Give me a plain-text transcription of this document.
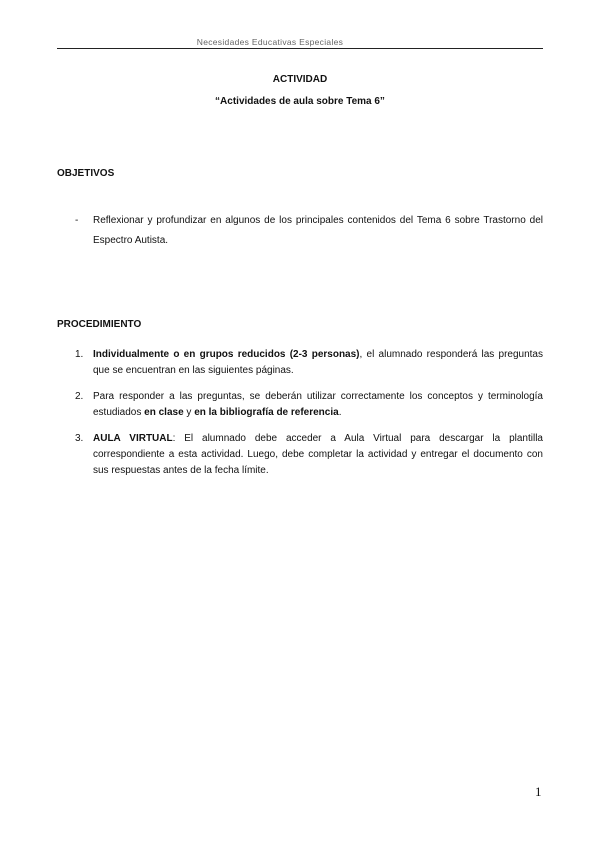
Necesidades Educativas Especiales
ACTIVIDAD
“Actividades de aula sobre Tema 6”
OBJETIVOS
- Reflexionar y profundizar en algunos de los principales contenidos del Tema 6 sobre Trastorno del Espectro Autista.
PROCEDIMIENTO
1. Individualmente o en grupos reducidos (2-3 personas), el alumnado responderá las preguntas que se encuentran en las siguientes páginas.
2. Para responder a las preguntas, se deberán utilizar correctamente los conceptos y terminología estudiados en clase y en la bibliografía de referencia.
3. AULA VIRTUAL: El alumnado debe acceder a Aula Virtual para descargar la plantilla correspondiente a esta actividad. Luego, debe completar la actividad y entregar el documento con sus respuestas antes de la fecha límite.
1
